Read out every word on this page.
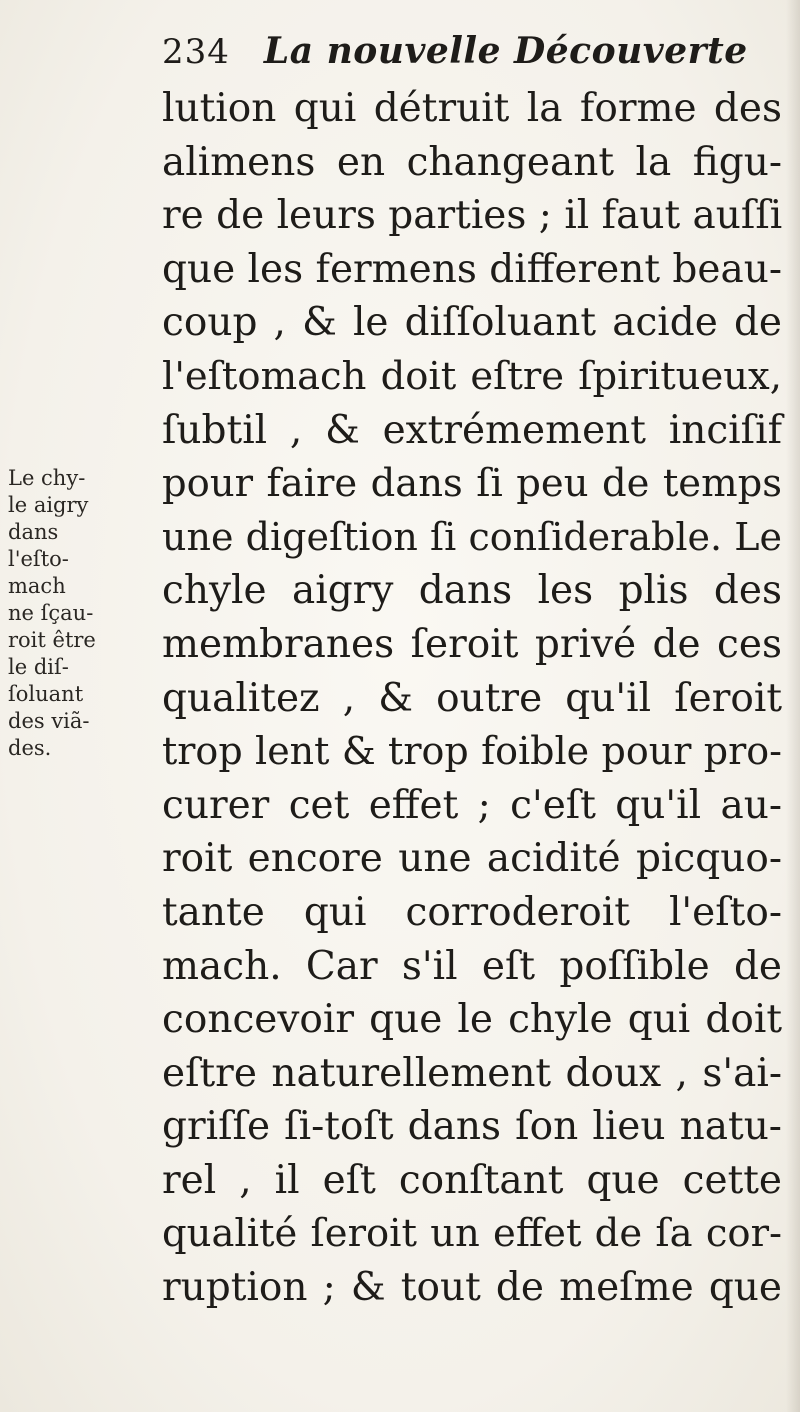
234 La nouvelle Découverte
Le chy-
le aigry
dans
l'eſto-
mach
ne ſçau-
roit être
le diſ-
ſoluant
des viã-
des.
lution qui détruit la forme des
alimens en changeant la figu-
re de leurs parties ; il faut auſſi
que les fermens different beau-
coup , & le diſſoluant acide de
l'eſtomach doit eſtre ſpiritueux,
ſubtil , & extrémement inciſif
pour faire dans ſi peu de temps
une digeſtion ſi conſiderable. Le
chyle aigry dans les plis des
membranes ſeroit privé de ces
qualitez , & outre qu'il ſeroit
trop lent & trop foible pour pro-
curer cet effet ; c'eſt qu'il au-
roit encore une acidité picquo-
tante qui corroderoit l'eſto-
mach. Car s'il eſt poſſible de
concevoir que le chyle qui doit
eſtre naturellement doux , s'ai-
griſſe ſi-toſt dans ſon lieu natu-
rel , il eſt conſtant que cette
qualité ſeroit un effet de ſa cor-
ruption ; & tout de meſme que
